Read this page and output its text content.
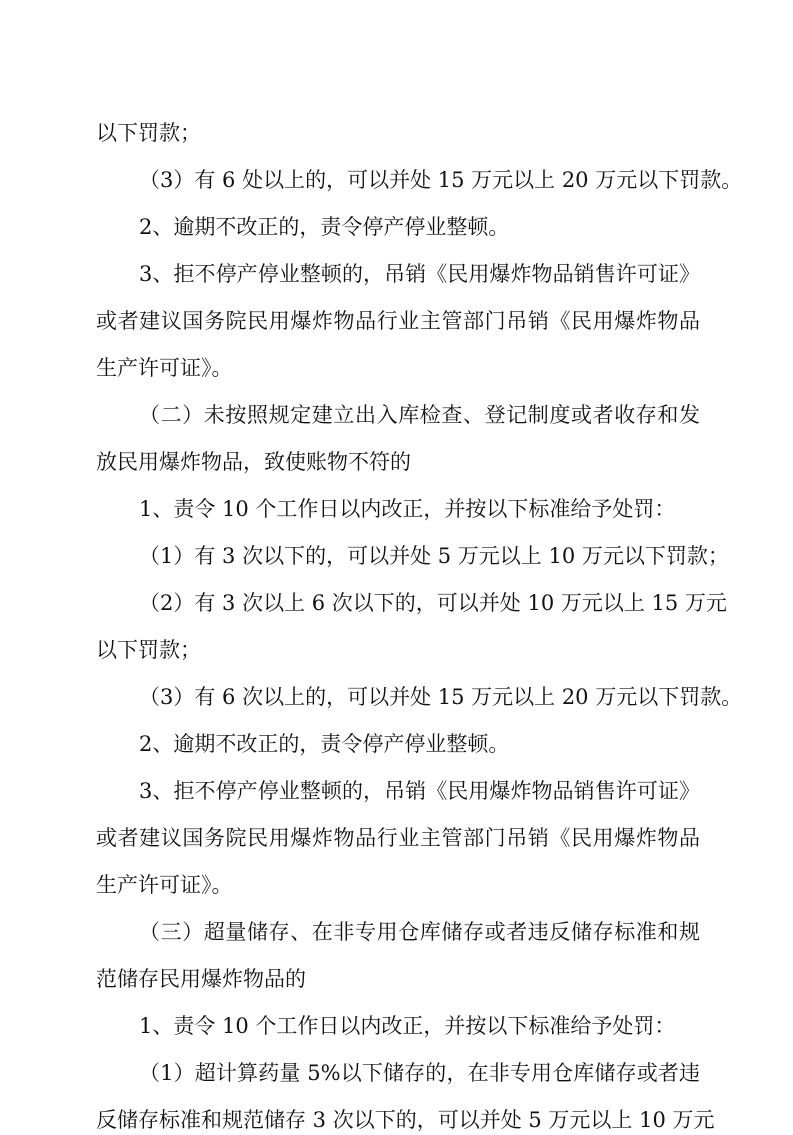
以下罚款；
（3）有 6 处以上的，可以并处 15 万元以上 20 万元以下罚款。
2、逾期不改正的，责令停产停业整顿。
3、拒不停产停业整顿的，吊销《民用爆炸物品销售许可证》
或者建议国务院民用爆炸物品行业主管部门吊销《民用爆炸物品
生产许可证》。
（二）未按照规定建立出入库检查、登记制度或者收存和发
放民用爆炸物品，致使账物不符的
1、责令 10 个工作日以内改正，并按以下标准给予处罚：
（1）有 3 次以下的，可以并处 5 万元以上 10 万元以下罚款；
（2）有 3 次以上 6 次以下的，可以并处 10 万元以上 15 万元
以下罚款；
（3）有 6 次以上的，可以并处 15 万元以上 20 万元以下罚款。
2、逾期不改正的，责令停产停业整顿。
3、拒不停产停业整顿的，吊销《民用爆炸物品销售许可证》
或者建议国务院民用爆炸物品行业主管部门吊销《民用爆炸物品
生产许可证》。
（三）超量储存、在非专用仓库储存或者违反储存标准和规
范储存民用爆炸物品的
1、责令 10 个工作日以内改正，并按以下标准给予处罚：
（1）超计算药量 5%以下储存的，在非专用仓库储存或者违
反储存标准和规范储存 3 次以下的，可以并处 5 万元以上 10 万元
